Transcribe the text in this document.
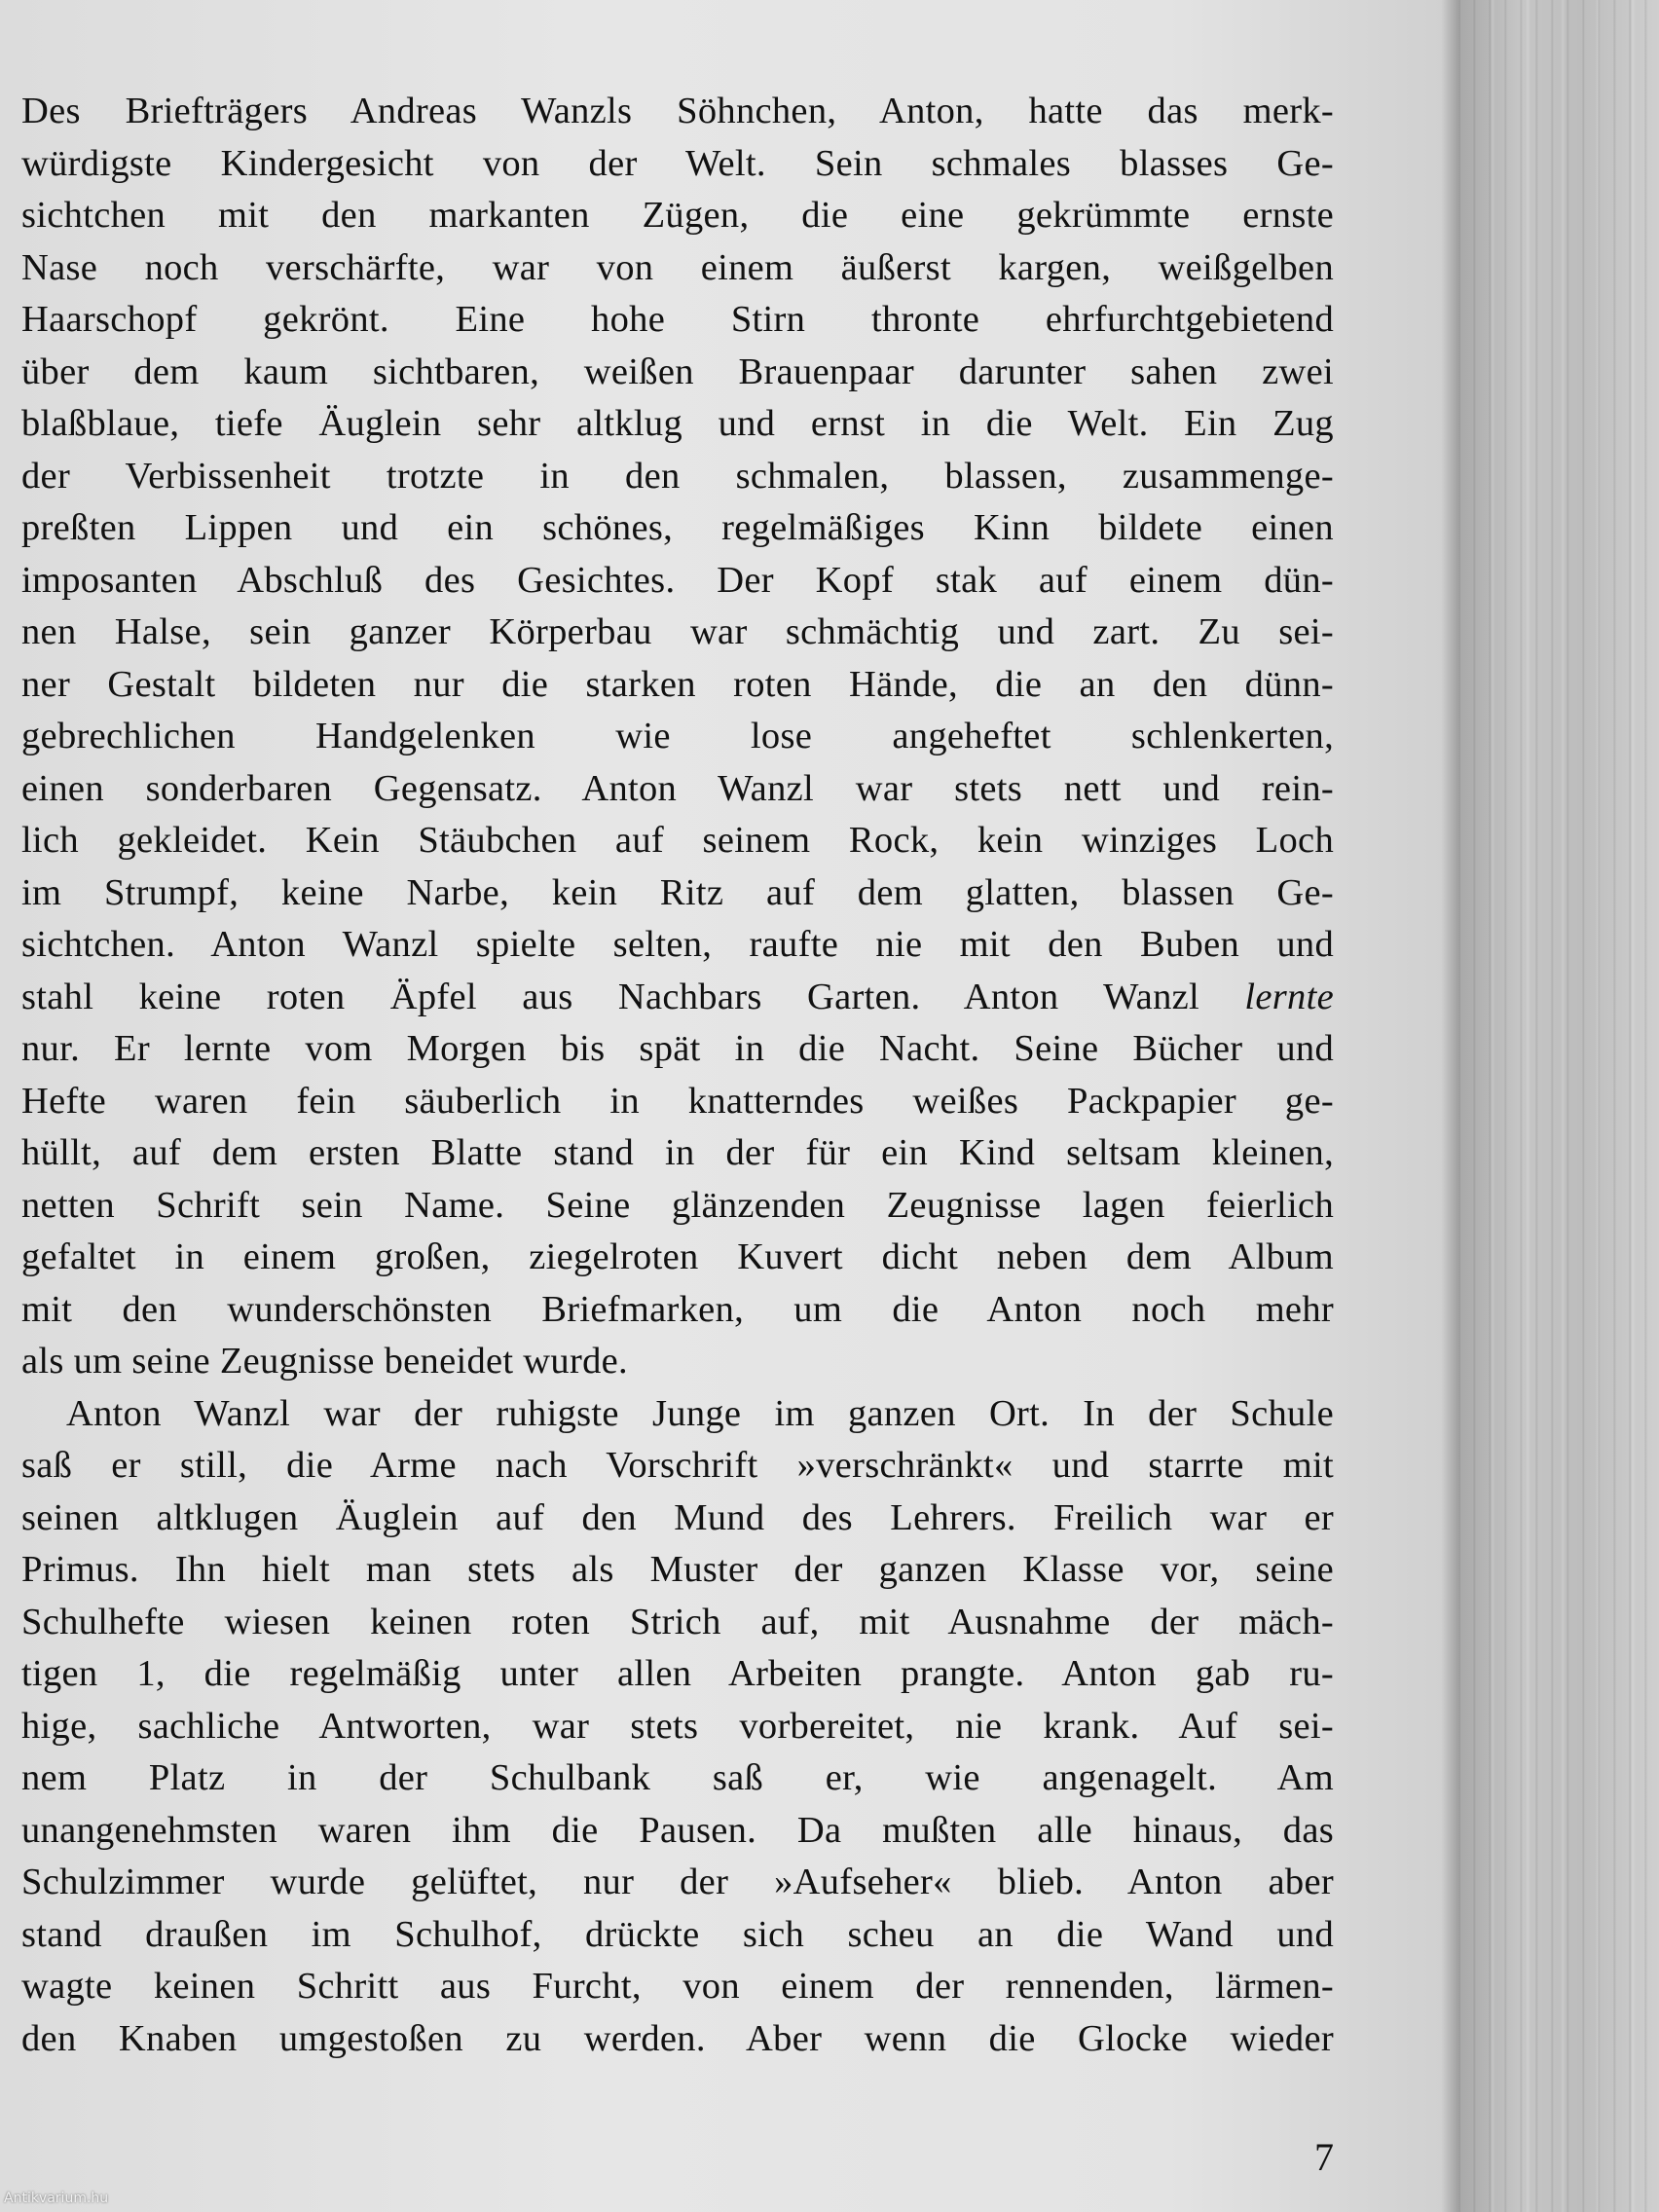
Des Briefträgers Andreas Wanzls Söhnchen, Anton, hatte das merk-
würdigste Kindergesicht von der Welt. Sein schmales blasses Ge-
sichtchen mit den markanten Zügen, die eine gekrümmte ernste
Nase noch verschärfte, war von einem äußerst kargen, weißgelben
Haarschopf gekrönt. Eine hohe Stirn thronte ehrfurchtgebietend
über dem kaum sichtbaren, weißen Brauenpaar darunter sahen zwei
blaßblaue, tiefe Äuglein sehr altklug und ernst in die Welt. Ein Zug
der Verbissenheit trotzte in den schmalen, blassen, zusammenge-
preßten Lippen und ein schönes, regelmäßiges Kinn bildete einen
imposanten Abschluß des Gesichtes. Der Kopf stak auf einem dün-
nen Halse, sein ganzer Körperbau war schmächtig und zart. Zu sei-
ner Gestalt bildeten nur die starken roten Hände, die an den dünn-
gebrechlichen Handgelenken wie lose angeheftet schlenkerten,
einen sonderbaren Gegensatz. Anton Wanzl war stets nett und rein-
lich gekleidet. Kein Stäubchen auf seinem Rock, kein winziges Loch
im Strumpf, keine Narbe, kein Ritz auf dem glatten, blassen Ge-
sichtchen. Anton Wanzl spielte selten, raufte nie mit den Buben und
stahl keine roten Äpfel aus Nachbars Garten. Anton Wanzl lernte
nur. Er lernte vom Morgen bis spät in die Nacht. Seine Bücher und
Hefte waren fein säuberlich in knatterndes weißes Packpapier ge-
hüllt, auf dem ersten Blatte stand in der für ein Kind seltsam kleinen,
netten Schrift sein Name. Seine glänzenden Zeugnisse lagen feierlich
gefaltet in einem großen, ziegelroten Kuvert dicht neben dem Album
mit den wunderschönsten Briefmarken, um die Anton noch mehr
als um seine Zeugnisse beneidet wurde.
Anton Wanzl war der ruhigste Junge im ganzen Ort. In der Schule
saß er still, die Arme nach Vorschrift »verschränkt« und starrte mit
seinen altklugen Äuglein auf den Mund des Lehrers. Freilich war er
Primus. Ihn hielt man stets als Muster der ganzen Klasse vor, seine
Schulhefte wiesen keinen roten Strich auf, mit Ausnahme der mäch-
tigen 1, die regelmäßig unter allen Arbeiten prangte. Anton gab ru-
hige, sachliche Antworten, war stets vorbereitet, nie krank. Auf sei-
nem Platz in der Schulbank saß er, wie angenagelt. Am
unangenehmsten waren ihm die Pausen. Da mußten alle hinaus, das
Schulzimmer wurde gelüftet, nur der »Aufseher« blieb. Anton aber
stand draußen im Schulhof, drückte sich scheu an die Wand und
wagte keinen Schritt aus Furcht, von einem der rennenden, lärmen-
den Knaben umgestoßen zu werden. Aber wenn die Glocke wieder
7
Antikvarium.hu
